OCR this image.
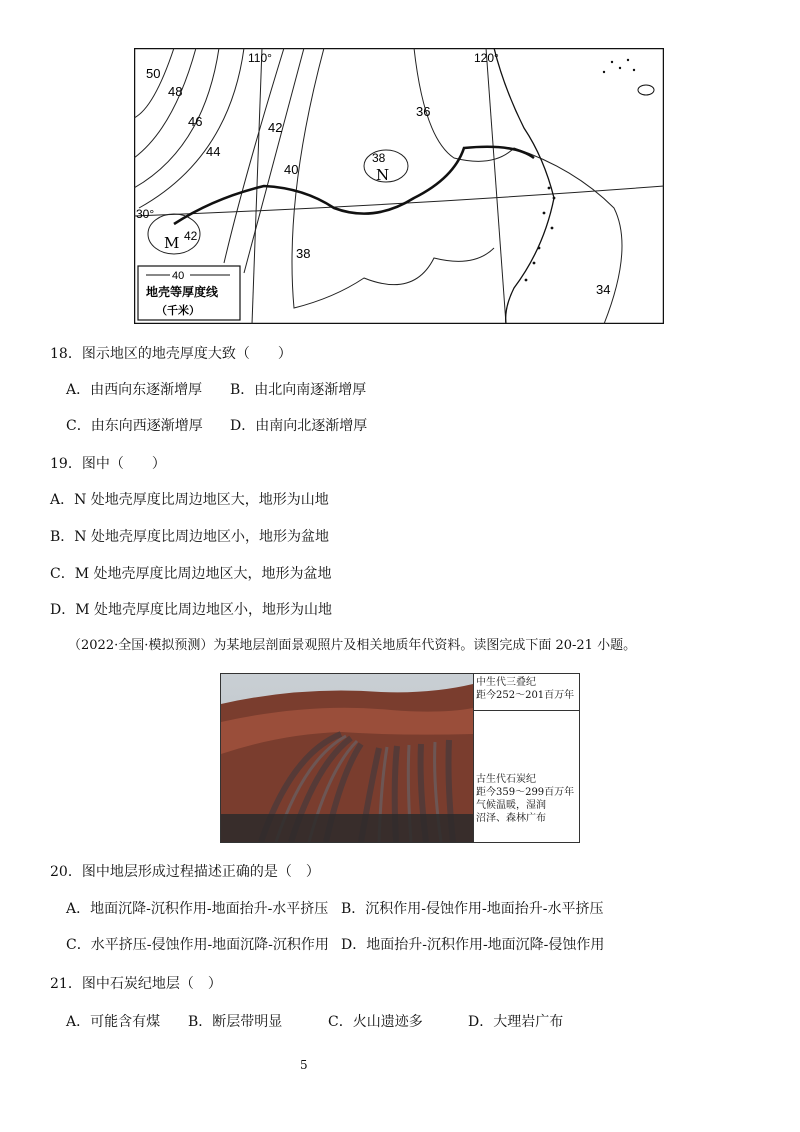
50
48
46
44
42
40
38
38
36
42
34
110°	120°
30°
N
M
40
地壳等厚度线
（千米）
18．图示地区的地壳厚度大致（　　）
A．由西向东逐渐增厚 B．由北向南逐渐增厚
C．由东向西逐渐增厚 D．由南向北逐渐增厚
19．图中（　　）
A．N 处地壳厚度比周边地区大，地形为山地
B．N 处地壳厚度比周边地区小，地形为盆地
C．M 处地壳厚度比周边地区大，地形为盆地
D．M 处地壳厚度比周边地区小，地形为山地
（2022·全国·模拟预测）为某地层剖面景观照片及相关地质年代资料。读图完成下面 20-21 小题。
中生代三叠纪
距今252～201百万年
古生代石炭纪
距今359～299百万年
气候温暖，湿润
沼泽、森林广布
20．图中地层形成过程描述正确的是（　）
A．地面沉降-沉积作用-地面抬升-水平挤压 B．沉积作用-侵蚀作用-地面抬升-水平挤压
C．水平挤压-侵蚀作用-地面沉降-沉积作用 D．地面抬升-沉积作用-地面沉降-侵蚀作用
21．图中石炭纪地层（　）
A．可能含有煤 B．断层带明显	C．火山遗迹多	D．大理岩广布
5
